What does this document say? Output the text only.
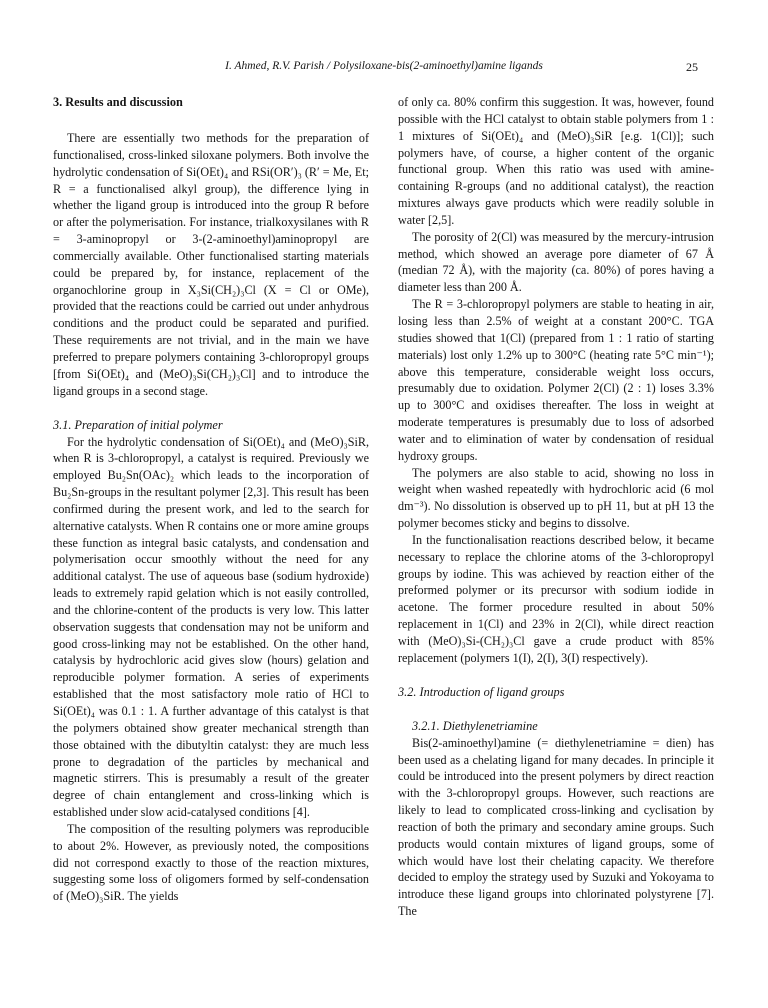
I. Ahmed, R.V. Parish / Polysiloxane-bis(2-aminoethyl)amine ligands	25
3. Results and discussion

There are essentially two methods for the preparation of functionalised, cross-linked siloxane polymers. Both involve the hydrolytic condensation of Si(OEt)₄ and RSi(OR′)₃ (R′ = Me, Et; R = a functionalised alkyl group), the difference lying in whether the ligand group is introduced into the group R before or after the polymerisation. For instance, trialkoxysilanes with R = 3-aminopropyl or 3-(2-aminoethyl)aminopropyl are commercially available. Other functionalised starting materials could be prepared by, for instance, replacement of the organochlorine group in X₃Si(CH₂)₃Cl (X = Cl or OMe), provided that the reactions could be carried out under anhydrous conditions and the product could be separated and purified. These requirements are not trivial, and in the main we have preferred to prepare polymers containing 3-chloropropyl groups [from Si(OEt)₄ and (MeO)₃Si(CH₂)₃Cl] and to introduce the ligand groups in a second stage.

3.1. Preparation of initial polymer

For the hydrolytic condensation of Si(OEt)₄ and (MeO)₃SiR, when R is 3-chloropropyl, a catalyst is required. Previously we employed Bu₂Sn(OAc)₂ which leads to the incorporation of Bu₂Sn-groups in the resultant polymer [2,3]. This result has been confirmed during the present work, and led to the search for alternative catalysts. When R contains one or more amine groups these function as integral basic catalysts, and condensation and polymerisation occur smoothly without the need for any additional catalyst. The use of aqueous base (sodium hydroxide) leads to extremely rapid gelation which is not easily controlled, and the chlorine-content of the products is very low. This latter observation suggests that condensation may not be uniform and good cross-linking may not be established. On the other hand, catalysis by hydrochloric acid gives slow (hours) gelation and reproducible polymer formation. A series of experiments established that the most satisfactory mole ratio of HCl to Si(OEt)₄ was 0.1 : 1. A further advantage of this catalyst is that the polymers obtained show greater mechanical strength than those obtained with the dibutyltin catalyst: they are much less prone to degradation of the particles by mechanical and magnetic stirrers. This is presumably a result of the greater degree of chain entanglement and cross-linking which is established under slow acid-catalysed conditions [4].

The composition of the resulting polymers was reproducible to about 2%. However, as previously noted, the compositions did not correspond exactly to those of the reaction mixtures, suggesting some loss of oligomers formed by self-condensation of (MeO)₃SiR. The yields

of only ca. 80% confirm this suggestion. It was, however, found possible with the HCl catalyst to obtain stable polymers from 1 : 1 mixtures of Si(OEt)₄ and (MeO)₃SiR [e.g. 1(Cl)]; such polymers have, of course, a higher content of the organic functional group. When this ratio was used with amine-containing R-groups (and no additional catalyst), the reaction mixtures always gave products which were readily soluble in water [2,5].

The porosity of 2(Cl) was measured by the mercury-intrusion method, which showed an average pore diameter of 67 Å (median 72 Å), with the majority (ca. 80%) of pores having a diameter less than 200 Å.

The R = 3-chloropropyl polymers are stable to heating in air, losing less than 2.5% of weight at a constant 200°C. TGA studies showed that 1(Cl) (prepared from 1 : 1 ratio of starting materials) lost only 1.2% up to 300°C (heating rate 5°C min⁻¹); above this temperature, considerable weight loss occurs, presumably due to oxidation. Polymer 2(Cl) (2 : 1) loses 3.3% up to 300°C and oxidises thereafter. The loss in weight at moderate temperatures is presumably due to loss of adsorbed water and to elimination of water by condensation of residual hydroxy groups.

The polymers are also stable to acid, showing no loss in weight when washed repeatedly with hydrochloric acid (6 mol dm⁻³). No dissolution is observed up to pH 11, but at pH 13 the polymer becomes sticky and begins to dissolve.

In the functionalisation reactions described below, it became necessary to replace the chlorine atoms of the 3-chloropropyl groups by iodine. This was achieved by reaction either of the preformed polymer or its precursor with sodium iodide in acetone. The former procedure resulted in about 50% replacement in 1(Cl) and 23% in 2(Cl), while direct reaction with (MeO)₃Si-(CH₂)₃Cl gave a crude product with 85% replacement (polymers 1(I), 2(I), 3(I) respectively).

3.2. Introduction of ligand groups
3.2.1. Diethylenetriamine

Bis(2-aminoethyl)amine (= diethylenetriamine = dien) has been used as a chelating ligand for many decades. In principle it could be introduced into the present polymers by direct reaction with the 3-chloropropyl groups. However, such reactions are likely to lead to complicated cross-linking and cyclisation by reaction of both the primary and secondary amine groups. Such products would contain mixtures of ligand groups, some of which would have lost their chelating capacity. We therefore decided to employ the strategy used by Suzuki and Yokoyama to introduce these ligand groups into chlorinated polystyrene [7]. The
